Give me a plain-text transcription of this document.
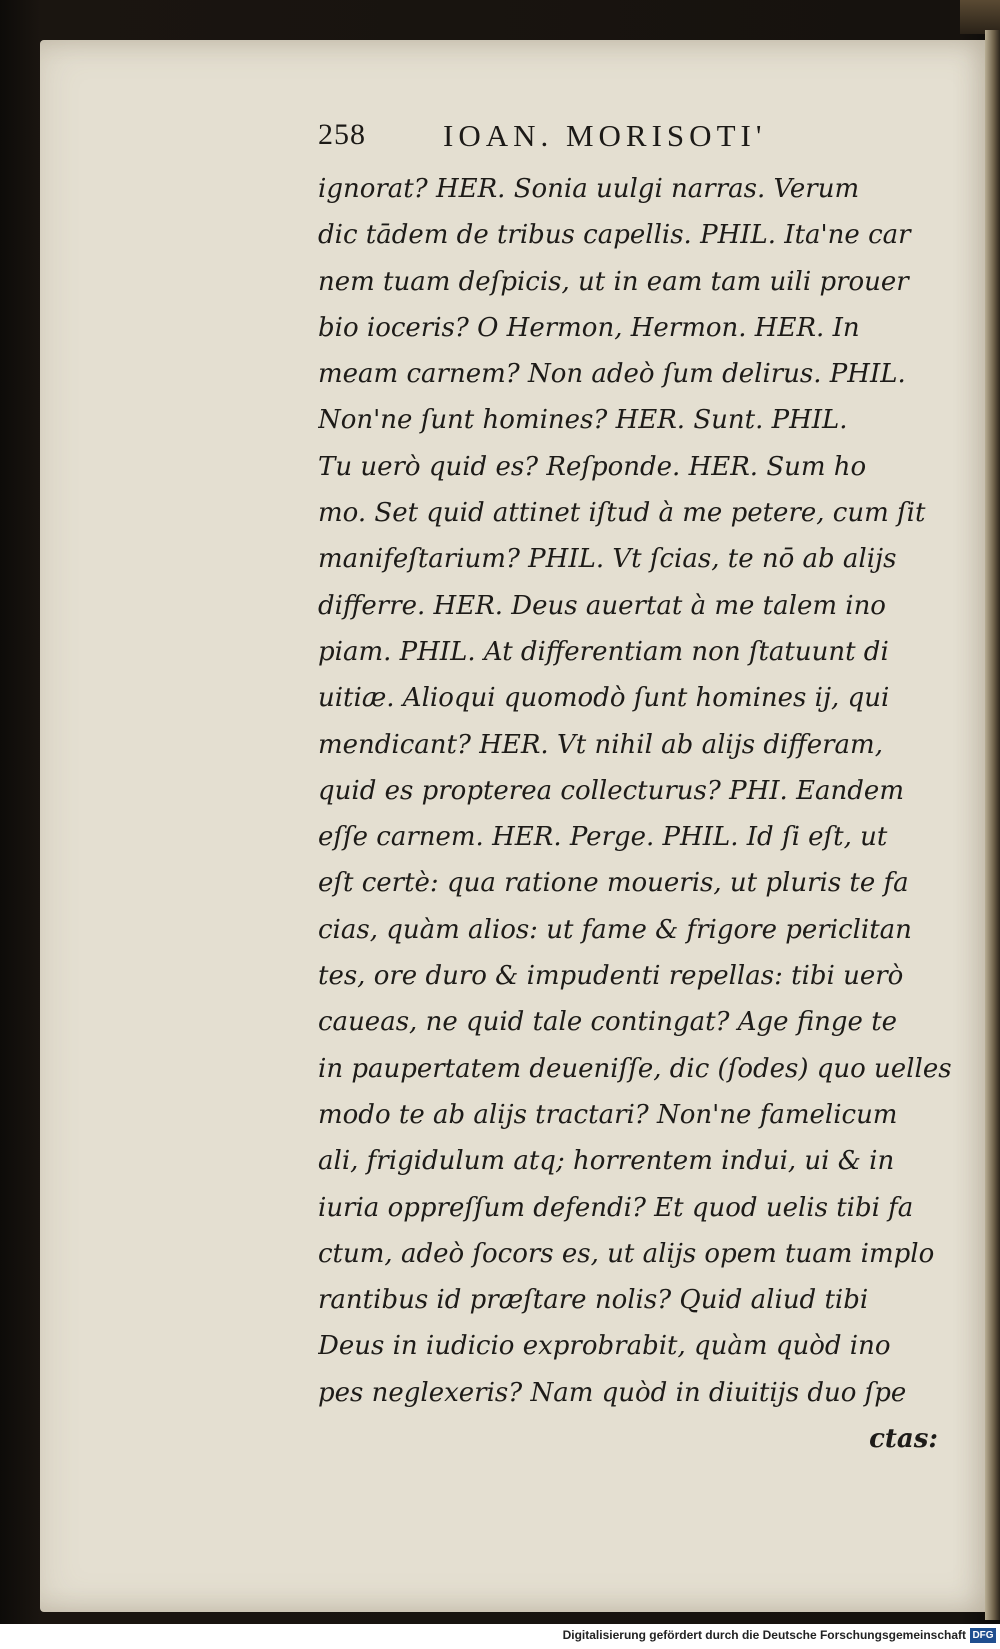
258 IOAN. MORISOTI'
ignorat? HER. Sonia uulgi narras. Verum
dic tādem de tribus capellis. PHIL. Ita'ne car
nem tuam deſpicis, ut in eam tam uili prouer
bio ioceris? O Hermon, Hermon. HER. In
meam carnem? Non adeò ſum delirus. PHIL.
Non'ne ſunt homines? HER. Sunt. PHIL.
Tu uerò quid es? Reſponde. HER. Sum ho
mo. Set quid attinet iſtud à me petere, cum ſit
manifeſtarium? PHIL. Vt ſcias, te nō ab alijs
differre. HER. Deus auertat à me talem ino
piam. PHIL. At differentiam non ſtatuunt di
uitiæ. Alioqui quomodò ſunt homines ij, qui
mendicant? HER. Vt nihil ab alijs differam,
quid es propterea collecturus? PHI. Eandem
eſſe carnem. HER. Perge. PHIL. Id ſi eſt, ut
eſt certè: qua ratione moueris, ut pluris te fa
cias, quàm alios: ut fame & frigore periclitan
tes, ore duro & impudenti repellas: tibi uerò
caueas, ne quid tale contingat? Age finge te
in paupertatem deueniſſe, dic (ſodes) quo uelles
modo te ab alijs tractari? Non'ne famelicum
ali, frigidulum atq; horrentem indui, ui & in
iuria oppreſſum defendi? Et quod uelis tibi fa
ctum, adeò ſocors es, ut alijs opem tuam implo
rantibus id præſtare nolis? Quid aliud tibi
Deus in iudicio exprobrabit, quàm quòd ino
pes neglexeris? Nam quòd in diuitijs duo ſpe
ctas:
Digitalisierung gefördert durch die Deutsche Forschungsgemeinschaft DFG
